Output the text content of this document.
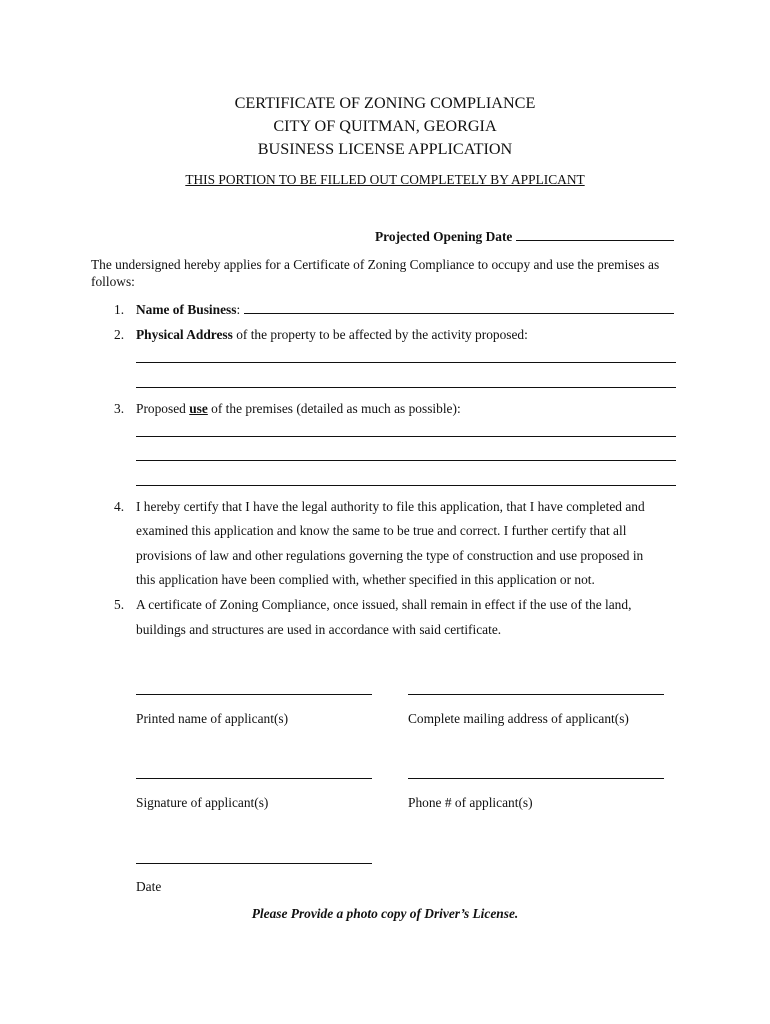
CERTIFICATE OF ZONING COMPLIANCE
CITY OF QUITMAN, GEORGIA
BUSINESS LICENSE APPLICATION
THIS PORTION TO BE FILLED OUT COMPLETELY BY APPLICANT
Projected Opening Date
The undersigned hereby applies for a Certificate of Zoning Compliance to occupy and use the premises as
follows:
1. Name of Business:
2. Physical Address of the property to be affected by the activity proposed:
3. Proposed use of the premises (detailed as much as possible):
4. I hereby certify that I have the legal authority to file this application, that I have completed and
examined this application and know the same to be true and correct. I further certify that all
provisions of law and other regulations governing the type of construction and use proposed in
this application have been complied with, whether specified in this application or not.
5. A certificate of Zoning Compliance, once issued, shall remain in effect if the use of the land,
buildings and structures are used in accordance with said certificate.
Printed name of applicant(s)	Complete mailing address of applicant(s)
Signature of applicant(s)	Phone # of applicant(s)
Date
Please Provide a photo copy of Driver’s License.
